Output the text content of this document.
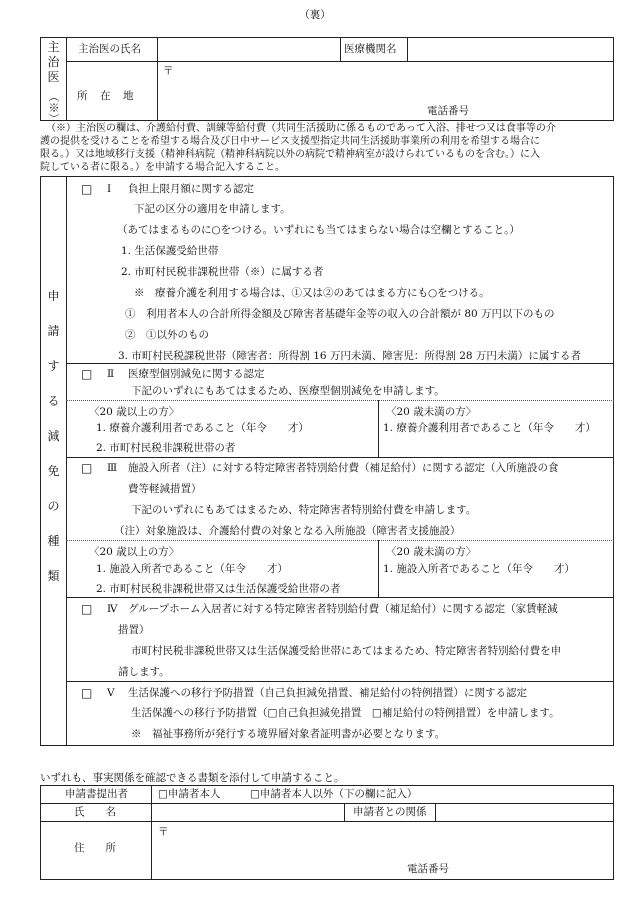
（裏）
主
治
医
（※）
主治医の氏名	医療機関名
所　在　地
〒
電話番号
（※）主治医の欄は、介護給付費、訓練等給付費（共同生活援助に係るものであって入浴、排せつ又は食事等の介
護の提供を受けることを希望する場合及び日中サービス支援型指定共同生活援助事業所の利用を希望する場合に
限る。）又は地域移行支援（精神科病院（精神科病院以外の病院で精神病室が設けられているものを含む。）に入
院している者に限る。）を申請する場合記入すること。
申
請
す
る
減
免
の
種
類
□ Ⅰ 負担上限月額に関する認定
下記の区分の適用を申請します。
（あてはまるものに○をつける。いずれにも当てはまらない場合は空欄とすること。）
1. 生活保護受給世帯
2. 市町村民税非課税世帯（※）に属する者
※　療養介護を利用する場合は、①又は②のあてはまる方にも○をつける。
①　利用者本人の合計所得金額及び障害者基礎年金等の収入の合計額が 80 万円以下のもの
②　①以外のもの
3. 市町村民税課税世帯（障害者：所得割 16 万円未満、障害児：所得割 28 万円未満）に属する者
□ Ⅱ 医療型個別減免に関する認定
下記のいずれにもあてはまるため、医療型個別減免を申請します。
〈20 歳以上の方〉
1. 療養介護利用者であること（年令　　才）
2. 市町村民税非課税世帯の者
〈20 歳未満の方〉
1. 療養介護利用者であること（年令　　才）
□ Ⅲ 施設入所者（注）に対する特定障害者特別給付費（補足給付）に関する認定（入所施設の食
費等軽減措置）
下記のいずれにもあてはまるため、特定障害者特別給付費を申請します。
（注）対象施設は、介護給付費の対象となる入所施設（障害者支援施設）
〈20 歳以上の方〉
1. 施設入所者であること（年令　　才）
2. 市町村民税非課税世帯又は生活保護受給世帯の者
〈20 歳未満の方〉
1. 施設入所者であること（年令　　才）
□ Ⅳ グループホーム入居者に対する特定障害者特別給付費（補足給付）に関する認定（家賃軽減
措置）
市町村民税非課税世帯又は生活保護受給世帯にあてはまるため、特定障害者特別給付費を申
請します。
□ Ⅴ 生活保護への移行予防措置（自己負担減免措置、補足給付の特例措置）に関する認定
生活保護への移行予防措置（□自己負担減免措置　□補足給付の特例措置）を申請します。
※　福祉事務所が発行する境界層対象者証明書が必要となります。
いずれも、事実関係を確認できる書類を添付して申請すること。
申請書提出者	□申請者本人	□申請者本人以外（下の欄に記入）
氏　　名	申請者との関係
住　　所
〒
電話番号
